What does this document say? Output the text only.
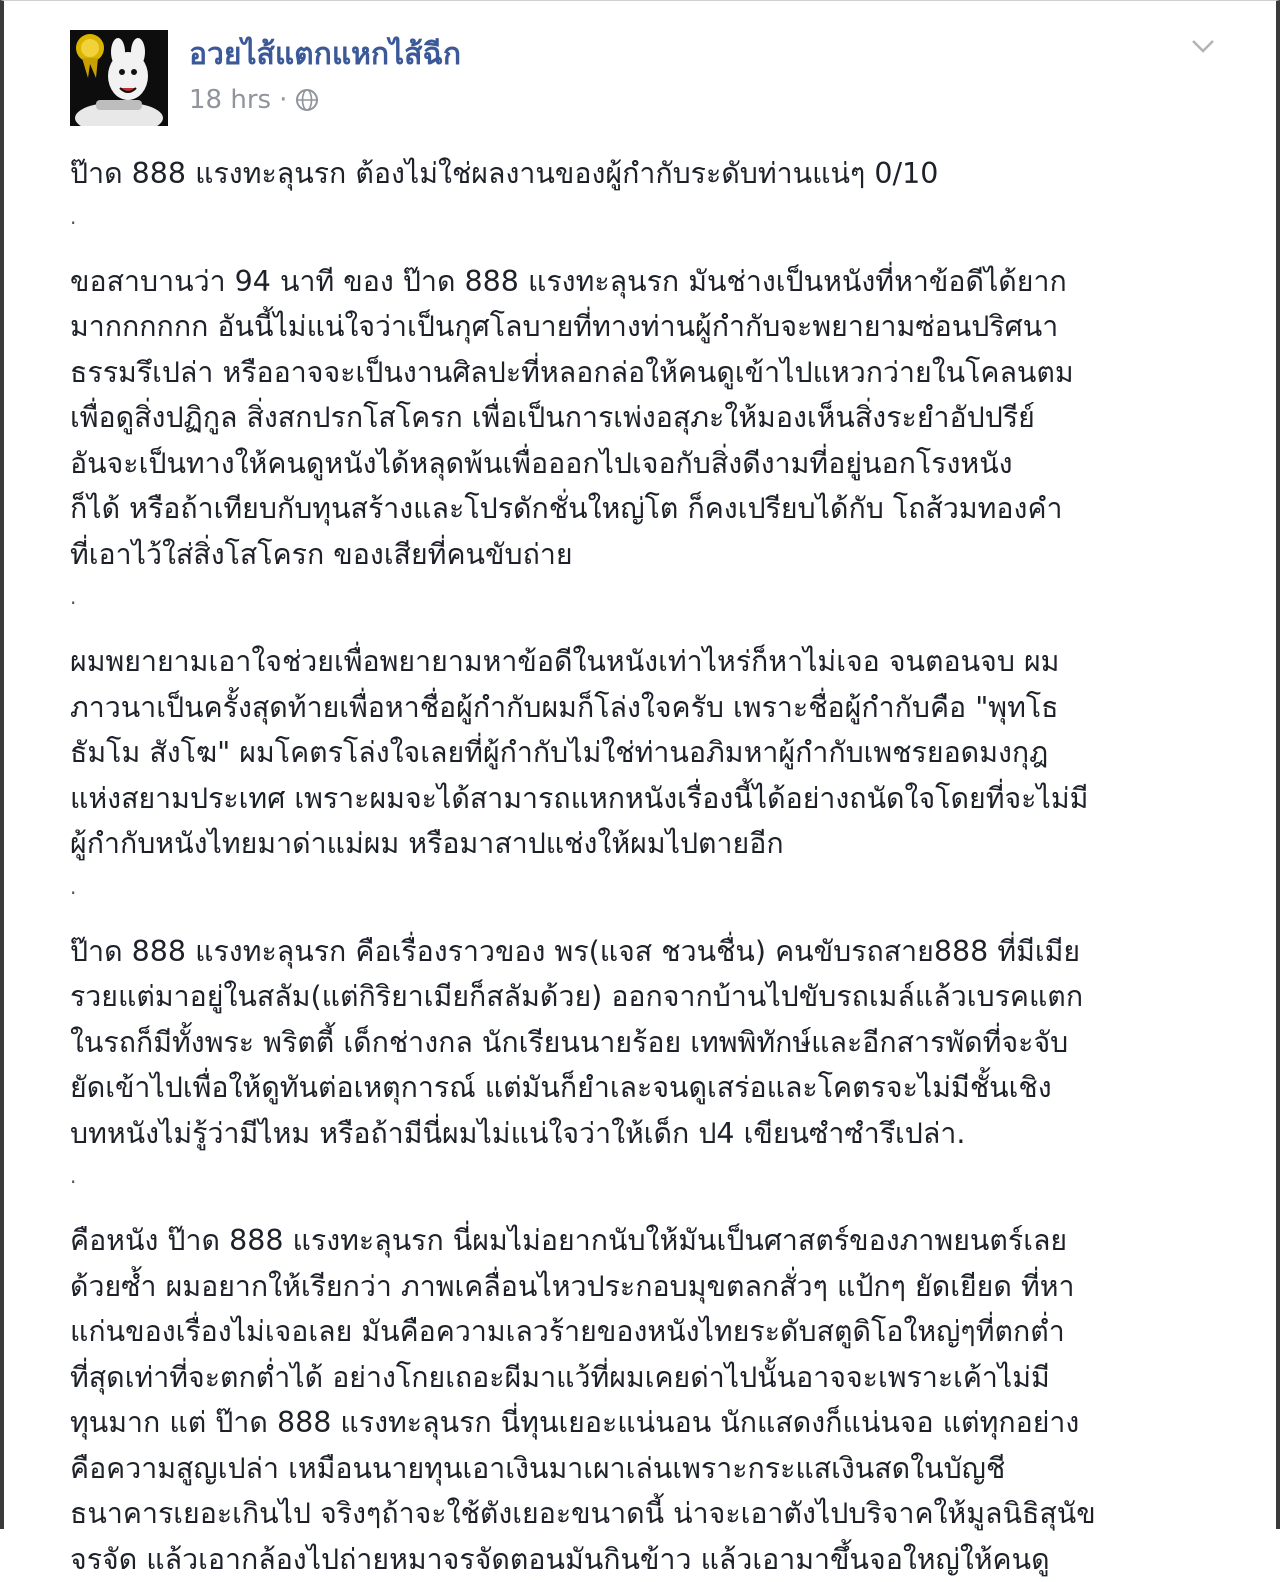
อวยไส้แตกแหกไส้ฉีก
18 hrs ·
ป๊าด 888 แรงทะลุนรก ต้องไม่ใช่ผลงานของผู้กำกับระดับท่านแน่ๆ 0/10
.
ขอสาบานว่า 94 นาที ของ ป๊าด 888 แรงทะลุนรก มันช่างเป็นหนังที่หาข้อดีได้ยาก
มากกกกกก อันนี้ไม่แน่ใจว่าเป็นกุศโลบายที่ทางท่านผู้กำกับจะพยายามซ่อนปริศนา
ธรรมรึเปล่า หรืออาจจะเป็นงานศิลปะที่หลอกล่อให้คนดูเข้าไปแหวกว่ายในโคลนตม
เพื่อดูสิ่งปฏิกูล สิ่งสกปรกโสโครก เพื่อเป็นการเพ่งอสุภะให้มองเห็นสิ่งระยำอัปปรีย์
อันจะเป็นทางให้คนดูหนังได้หลุดพ้นเพื่อออกไปเจอกับสิ่งดีงามที่อยู่นอกโรงหนัง
ก็ได้ หรือถ้าเทียบกับทุนสร้างและโปรดักชั่นใหญ่โต ก็คงเปรียบได้กับ โถส้วมทองคำ
ที่เอาไว้ใส่สิ่งโสโครก ของเสียที่คนขับถ่าย
.
ผมพยายามเอาใจช่วยเพื่อพยายามหาข้อดีในหนังเท่าไหร่ก็หาไม่เจอ จนตอนจบ ผม
ภาวนาเป็นครั้งสุดท้ายเพื่อหาชื่อผู้กำกับผมก็โล่งใจครับ เพราะชื่อผู้กำกับคือ "พุทโธ
ธัมโม สังโฆ" ผมโคตรโล่งใจเลยที่ผู้กำกับไม่ใช่ท่านอภิมหาผู้กำกับเพชรยอดมงกุฎ
แห่งสยามประเทศ เพราะผมจะได้สามารถแหกหนังเรื่องนี้ได้อย่างถนัดใจโดยที่จะไม่มี
ผู้กำกับหนังไทยมาด่าแม่ผม หรือมาสาปแช่งให้ผมไปตายอีก
.
ป๊าด 888 แรงทะลุนรก คือเรื่องราวของ พร(แจส ชวนชื่น) คนขับรถสาย888 ที่มีเมีย
รวยแต่มาอยู่ในสลัม(แต่กิริยาเมียก็สลัมด้วย) ออกจากบ้านไปขับรถเมล์แล้วเบรคแตก
ในรถก็มีทั้งพระ พริตตี้ เด็กช่างกล นักเรียนนายร้อย เทพพิทักษ์และอีกสารพัดที่จะจับ
ยัดเข้าไปเพื่อให้ดูทันต่อเหตุการณ์ แต่มันก็ยำเละจนดูเสร่อและโคตรจะไม่มีชั้นเชิง
บทหนังไม่รู้ว่ามีไหม หรือถ้ามีนี่ผมไม่แน่ใจว่าให้เด็ก ป4 เขียนซำซำรึเปล่า.
.
คือหนัง ป๊าด 888 แรงทะลุนรก นี่ผมไม่อยากนับให้มันเป็นศาสตร์ของภาพยนตร์เลย
ด้วยซ้ำ ผมอยากให้เรียกว่า ภาพเคลื่อนไหวประกอบมุขตลกสั่วๆ แป้กๆ ยัดเยียด ที่หา
แก่นของเรื่องไม่เจอเลย มันคือความเลวร้ายของหนังไทยระดับสตูดิโอใหญ่ๆที่ตกต่ำ
ที่สุดเท่าที่จะตกต่ำได้ อย่างโกยเถอะผีมาแว้ที่ผมเคยด่าไปนั้นอาจจะเพราะเค้าไม่มี
ทุนมาก แต่ ป๊าด 888 แรงทะลุนรก นี่ทุนเยอะแน่นอน นักแสดงก็แน่นจอ แต่ทุกอย่าง
คือความสูญเปล่า เหมือนนายทุนเอาเงินมาเผาเล่นเพราะกระแสเงินสดในบัญชี
ธนาคารเยอะเกินไป จริงๆถ้าจะใช้ตังเยอะขนาดนี้ น่าจะเอาตังไปบริจาคให้มูลนิธิสุนัข
จรจัด แล้วเอากล้องไปถ่ายหมาจรจัดตอนมันกินข้าว แล้วเอามาขึ้นจอใหญ่ให้คนดู
